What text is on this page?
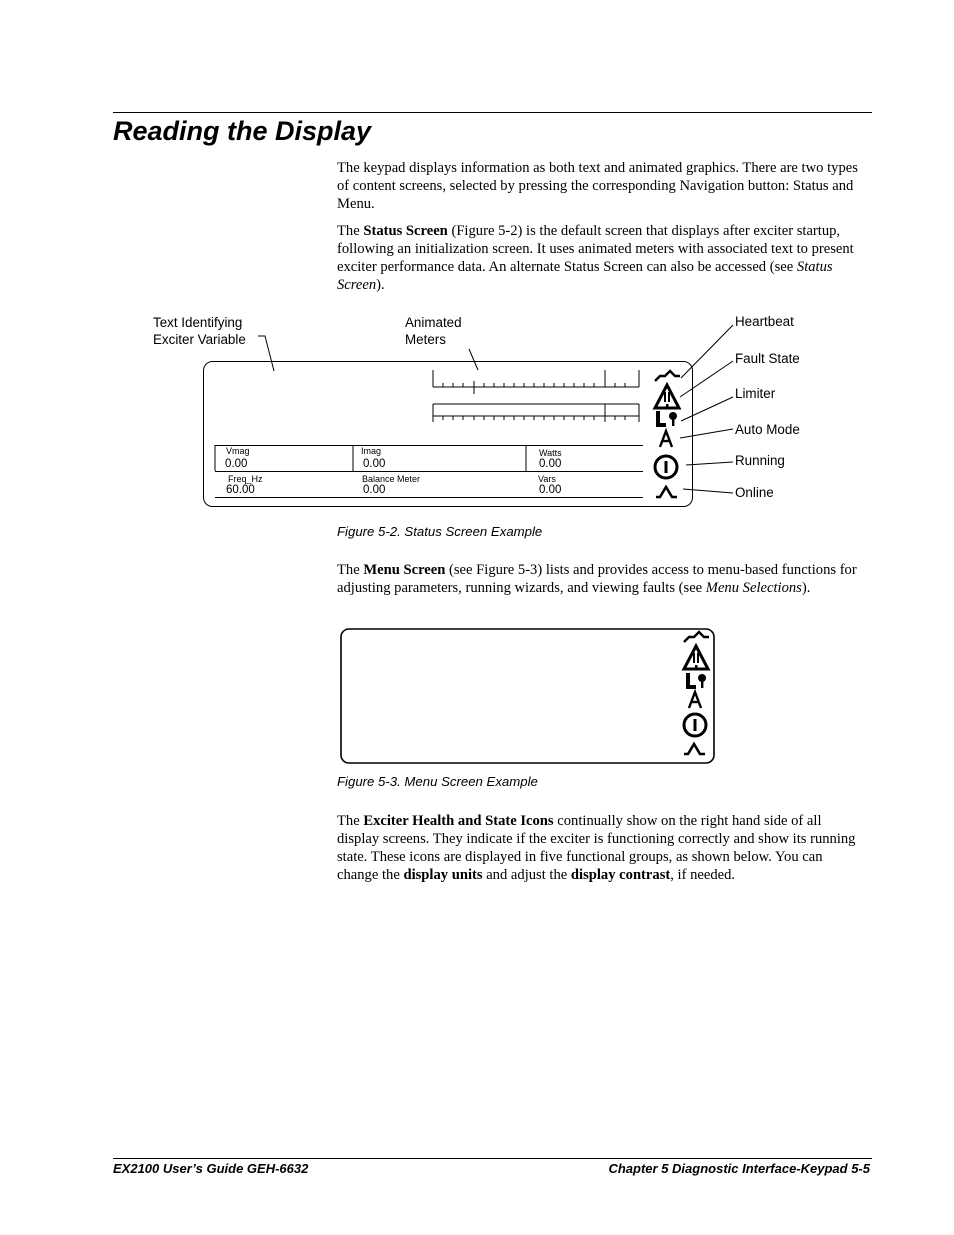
Reading the Display

The keypad displays information as both text and animated graphics. There are two types of content screens, selected by pressing the corresponding Navigation button: Status and Menu.

The Status Screen (Figure 5-2) is the default screen that displays after exciter startup, following an initialization screen. It uses animated meters with associated text to present exciter performance data. An alternate Status Screen can also be accessed (see Status Screen).

Text Identifying
Exciter Variable
Animated
Meters
Heartbeat
Fault State
Limiter
Auto Mode
Running
Online
Vmag
0.00
Imag
0.00
Watts
0.00
Freq_Hz
60.00
Balance Meter
0.00
Vars
0.00
Figure 5-2. Status Screen Example

The Menu Screen (see Figure 5-3) lists and provides access to menu-based functions for adjusting parameters, running wizards, and viewing faults (see Menu Selections).

Figure 5-3. Menu Screen Example

The Exciter Health and State Icons continually show on the right hand side of all display screens. They indicate if the exciter is functioning correctly and show its running state. These icons are displayed in five functional groups, as shown below. You can change the display units and adjust the display contrast, if needed.

EX2100 User’s Guide GEH-6632	Chapter 5 Diagnostic Interface-Keypad 5-5
